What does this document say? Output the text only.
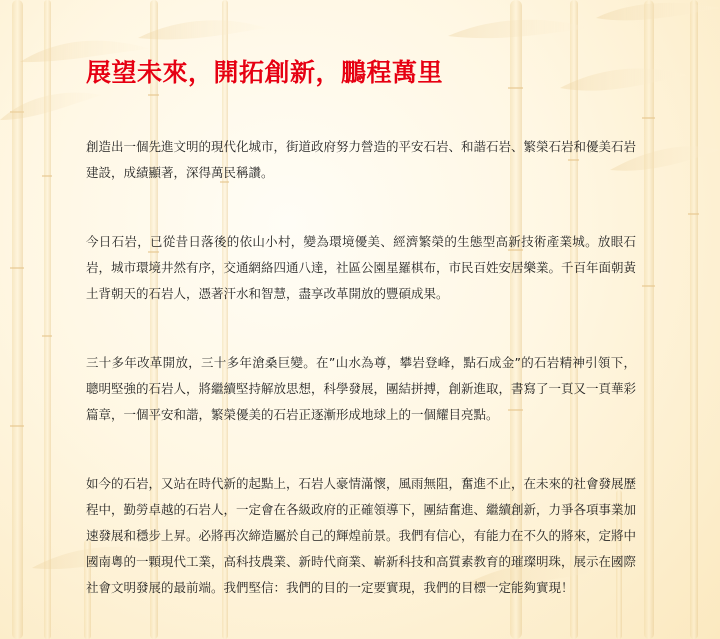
展望未來，開拓創新，鵬程萬里

創造出一個先進文明的現代化城市，街道政府努力營造的平安石岩、和諧石岩、繁榮石岩和優美石岩建設，成績顯著，深得萬民稱讚。

今日石岩，已從昔日落後的依山小村，變為環境優美、經濟繁榮的生態型高新技術產業城。放眼石岩，城市環境井然有序，交通網絡四通八達，社區公園星羅棋布，市民百姓安居樂業。千百年面朝黃土背朝天的石岩人，憑著汗水和智慧，盡享改革開放的豐碩成果。

三十多年改革開放，三十多年滄桑巨變。在”山水為尊，攀岩登峰，點石成金”的石岩精神引領下，聰明堅強的石岩人，將繼續堅持解放思想，科學發展，團結拼搏，創新進取，書寫了一頁又一頁華彩篇章，一個平安和諧，繁榮優美的石岩正逐漸形成地球上的一個耀目亮點。

如今的石岩，又站在時代新的起點上，石岩人豪情滿懷，風雨無阻，奮進不止，在未來的社會發展歷程中，勤勞卓越的石岩人，一定會在各級政府的正確領導下，團結奮進、繼續創新，力爭各項事業加速發展和穩步上昇。必將再次締造屬於自己的輝煌前景。我們有信心，有能力在不久的將來，定將中國南粵的一顆現代工業，高科技農業、新時代商業、嶄新科技和高質素教育的璀璨明珠，展示在國際社會文明發展的最前端。我們堅信：我們的目的一定要實現，我們的目標一定能夠實現！
